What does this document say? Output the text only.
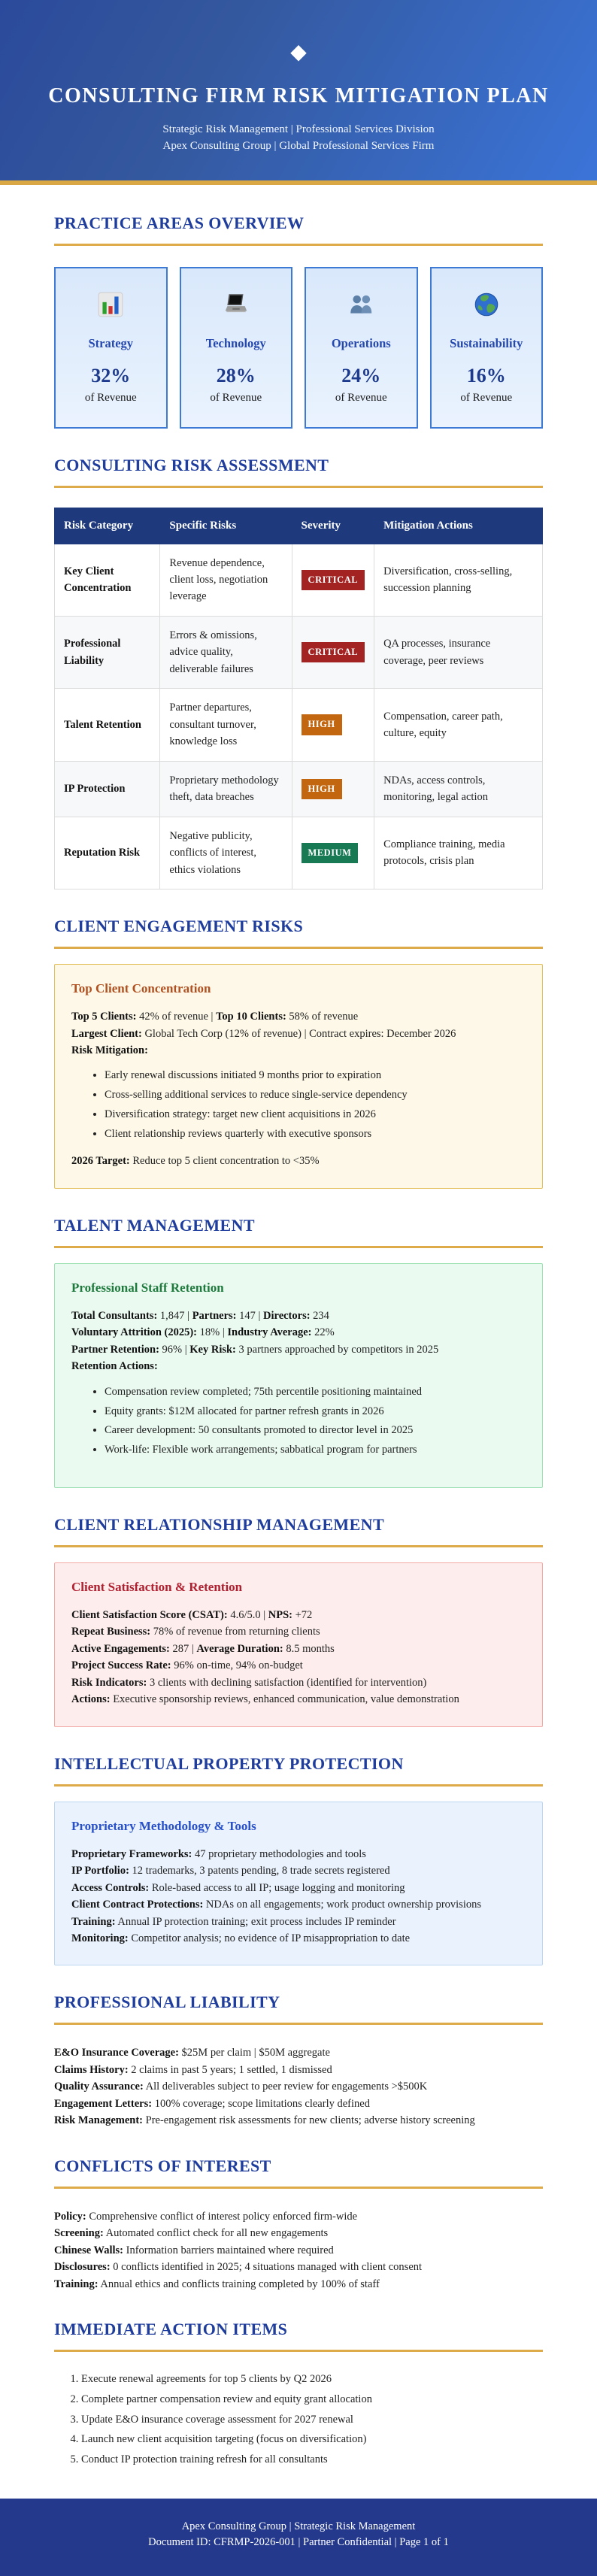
◆
CONSULTING FIRM RISK MITIGATION PLAN
Strategic Risk Management | Professional Services Division
Apex Consulting Group | Global Professional Services Firm
PRACTICE AREAS OVERVIEW
Strategy
32%
of Revenue
Technology
28%
of Revenue
Operations
24%
of Revenue
Sustainability
16%
of Revenue
CONSULTING RISK ASSESSMENT
Risk Category	Specific Risks	Severity	Mitigation Actions
Key Client Concentration	Revenue dependence, client loss, negotiation leverage	CRITICAL	Diversification, cross-selling, succession planning
Professional Liability	Errors & omissions, advice quality, deliverable failures	CRITICAL	QA processes, insurance coverage, peer reviews
Talent Retention	Partner departures, consultant turnover, knowledge loss	HIGH	Compensation, career path, culture, equity
IP Protection	Proprietary methodology theft, data breaches	HIGH	NDAs, access controls, monitoring, legal action
Reputation Risk	Negative publicity, conflicts of interest, ethics violations	MEDIUM	Compliance training, media protocols, crisis plan
CLIENT ENGAGEMENT RISKS
Top Client Concentration
Top 5 Clients: 42% of revenue | Top 10 Clients: 58% of revenue
Largest Client: Global Tech Corp (12% of revenue) | Contract expires: December 2026
Risk Mitigation:
• Early renewal discussions initiated 9 months prior to expiration
• Cross-selling additional services to reduce single-service dependency
• Diversification strategy: target new client acquisitions in 2026
• Client relationship reviews quarterly with executive sponsors
2026 Target: Reduce top 5 client concentration to <35%
TALENT MANAGEMENT
Professional Staff Retention
Total Consultants: 1,847 | Partners: 147 | Directors: 234
Voluntary Attrition (2025): 18% | Industry Average: 22%
Partner Retention: 96% | Key Risk: 3 partners approached by competitors in 2025
Retention Actions:
• Compensation review completed; 75th percentile positioning maintained
• Equity grants: $12M allocated for partner refresh grants in 2026
• Career development: 50 consultants promoted to director level in 2025
• Work-life: Flexible work arrangements; sabbatical program for partners
CLIENT RELATIONSHIP MANAGEMENT
Client Satisfaction & Retention
Client Satisfaction Score (CSAT): 4.6/5.0 | NPS: +72
Repeat Business: 78% of revenue from returning clients
Active Engagements: 287 | Average Duration: 8.5 months
Project Success Rate: 96% on-time, 94% on-budget
Risk Indicators: 3 clients with declining satisfaction (identified for intervention)
Actions: Executive sponsorship reviews, enhanced communication, value demonstration
INTELLECTUAL PROPERTY PROTECTION
Proprietary Methodology & Tools
Proprietary Frameworks: 47 proprietary methodologies and tools
IP Portfolio: 12 trademarks, 3 patents pending, 8 trade secrets registered
Access Controls: Role-based access to all IP; usage logging and monitoring
Client Contract Protections: NDAs on all engagements; work product ownership provisions
Training: Annual IP protection training; exit process includes IP reminder
Monitoring: Competitor analysis; no evidence of IP misappropriation to date
PROFESSIONAL LIABILITY
E&O Insurance Coverage: $25M per claim | $50M aggregate
Claims History: 2 claims in past 5 years; 1 settled, 1 dismissed
Quality Assurance: All deliverables subject to peer review for engagements >$500K
Engagement Letters: 100% coverage; scope limitations clearly defined
Risk Management: Pre-engagement risk assessments for new clients; adverse history screening
CONFLICTS OF INTEREST
Policy: Comprehensive conflict of interest policy enforced firm-wide
Screening: Automated conflict check for all new engagements
Chinese Walls: Information barriers maintained where required
Disclosures: 0 conflicts identified in 2025; 4 situations managed with client consent
Training: Annual ethics and conflicts training completed by 100% of staff
IMMEDIATE ACTION ITEMS
1. Execute renewal agreements for top 5 clients by Q2 2026
2. Complete partner compensation review and equity grant allocation
3. Update E&O insurance coverage assessment for 2027 renewal
4. Launch new client acquisition targeting (focus on diversification)
5. Conduct IP protection training refresh for all consultants
Apex Consulting Group | Strategic Risk Management
Document ID: CFRMP-2026-001 | Partner Confidential | Page 1 of 1
